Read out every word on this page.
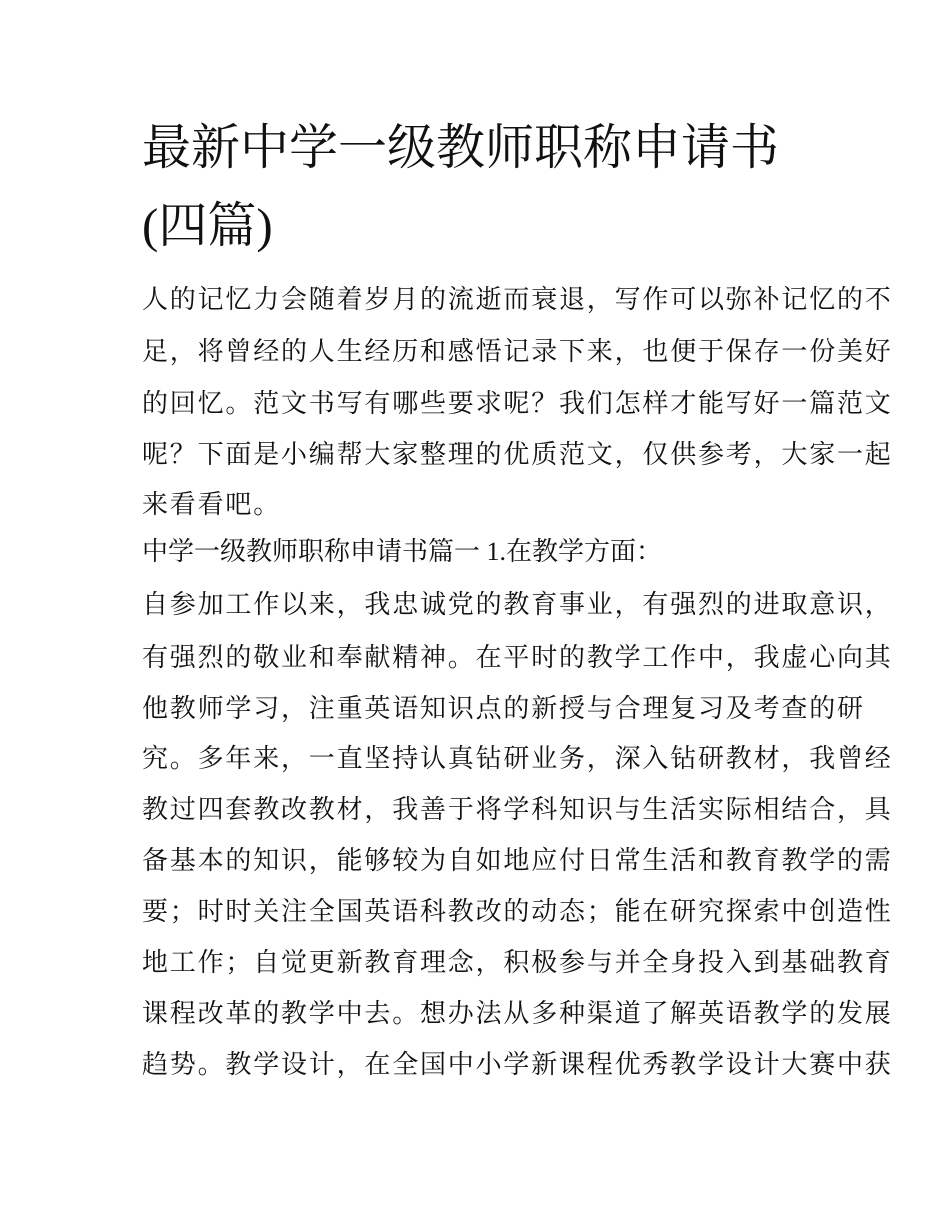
最新中学一级教师职称申请书
(四篇)
人的记忆力会随着岁月的流逝而衰退，写作可以弥补记忆的不
足，将曾经的人生经历和感悟记录下来，也便于保存一份美好
的回忆。范文书写有哪些要求呢？我们怎样才能写好一篇范文
呢？下面是小编帮大家整理的优质范文，仅供参考，大家一起
来看看吧。
中学一级教师职称申请书篇一 1.在教学方面：
自参加工作以来，我忠诚党的教育事业，有强烈的进取意识，
有强烈的敬业和奉献精神。在平时的教学工作中，我虚心向其
他教师学习，注重英语知识点的新授与合理复习及考查的研
究。多年来，一直坚持认真钻研业务，深入钻研教材，我曾经
教过四套教改教材，我善于将学科知识与生活实际相结合，具
备基本的知识，能够较为自如地应付日常生活和教育教学的需
要；时时关注全国英语科教改的动态；能在研究探索中创造性
地工作；自觉更新教育理念，积极参与并全身投入到基础教育
课程改革的教学中去。想办法从多种渠道了解英语教学的发展
趋势。教学设计，在全国中小学新课程优秀教学设计大赛中获
